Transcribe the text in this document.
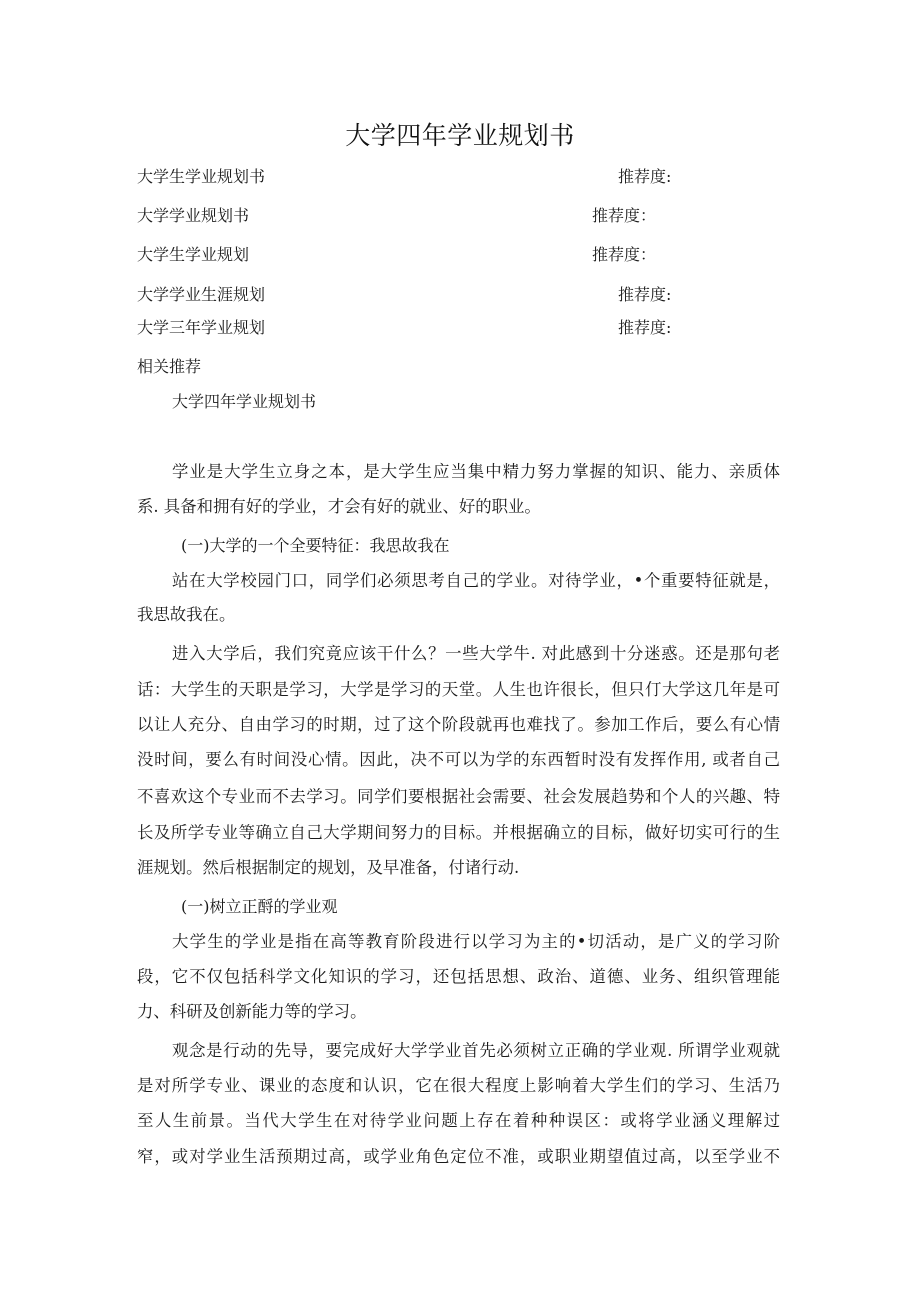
大学四年学业规划书
大学生学业规划书	推荐度:
大学学业规划书	推荐度：
大学生学业规划	推荐度：
大学学业生涯规划	推荐度:
大学三年学业规划	推荐度:
相关推荐
大学四年学业规划书
学业是大学生立身之本，是大学生应当集中精力努力掌握的知识、能力、亲质体
系. 具备和拥有好的学业，才会有好的就业、好的职业。
(一)大学的一个全要特征：我思故我在
站在大学校园门口，同学们必须思考自己的学业。对待学业，•个重要特征就是，
我思故我在。
进入大学后，我们究竟应该干什么？一些大学牛. 对此感到十分迷惑。还是那句老
话：大学生的天职是学习，大学是学习的天堂。人生也许很长，但只仃大学这几年是可
以让人充分、自由学习的时期，过了这个阶段就再也难找了。参加工作后，要么有心情
没时间，要么有时间没心情。因此，决不可以为学的东西暂时没有发挥作用, 或者自己
不喜欢这个专业而不去学习。同学们要根据社会需要、社会发展趋势和个人的兴趣、特
长及所学专业等确立自己大学期间努力的目标。并根据确立的目标，做好切实可行的生
涯规划。然后根据制定的规划，及早准备，付诸行动.
(一)树立正酹的学业观
大学生的学业是指在高等教育阶段进行以学习为主的•切活动，是广义的学习阶
段，它不仅包括科学文化知识的学习，还包括思想、政治、道德、业务、组织管理能
力、科研及创新能力等的学习。
观念是行动的先导，要完成好大学学业首先必须树立正确的学业观. 所谓学业观就
是对所学专业、课业的态度和认识，它在很大程度上影响着大学生们的学习、生活乃
至人生前景。当代大学生在对待学业问题上存在着种种误区：或将学业涵义理解过
窄，或对学业生活预期过高，或学业角色定位不准，或职业期望值过高，以至学业不
